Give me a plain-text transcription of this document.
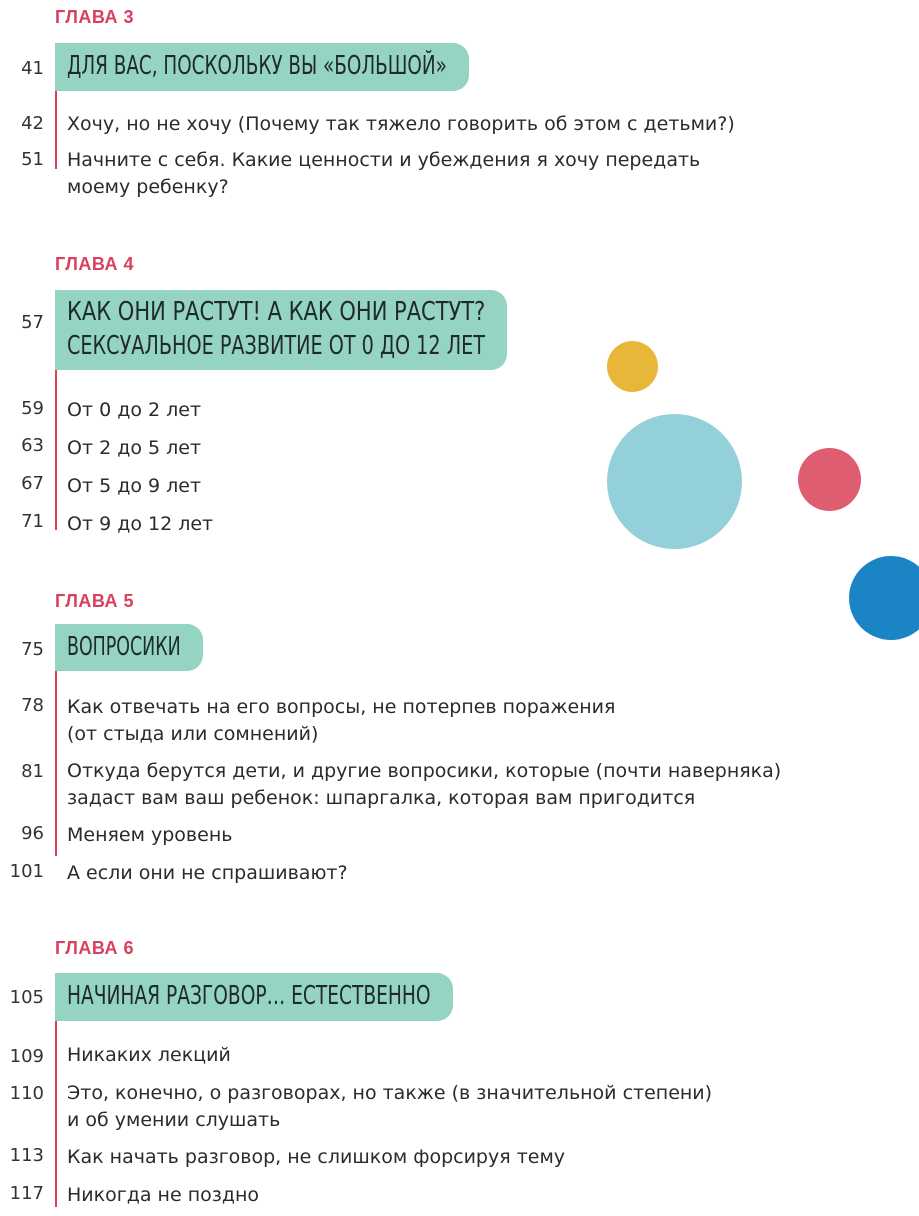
ГЛАВА 3
41 ДЛЯ ВАС, ПОСКОЛЬКУ ВЫ «БОЛЬШОЙ»
42 Хочу, но не хочу (Почему так тяжело говорить об этом с детьми?)
51 Начните с себя. Какие ценности и убеждения я хочу передать
моему ребенку?
ГЛАВА 4
57 КАК ОНИ РАСТУТ! А КАК ОНИ РАСТУТ?
СЕКСУАЛЬНОЕ РАЗВИТИЕ ОТ 0 ДО 12 ЛЕТ
59 От 0 до 2 лет
63 От 2 до 5 лет
67 От 5 до 9 лет
71 От 9 до 12 лет
ГЛАВА 5
75 ВОПРОСИКИ
78 Как отвечать на его вопросы, не потерпев поражения
(от стыда или сомнений)
81 Откуда берутся дети, и другие вопросики, которые (почти наверняка)
задаст вам ваш ребенок: шпаргалка, которая вам пригодится
96 Меняем уровень
101 А если они не спрашивают?
ГЛАВА 6
105 НАЧИНАЯ РАЗГОВОР… ЕСТЕСТВЕННО
109 Никаких лекций
110 Это, конечно, о разговорах, но также (в значительной степени)
и об умении слушать
113 Как начать разговор, не слишком форсируя тему
117 Никогда не поздно
